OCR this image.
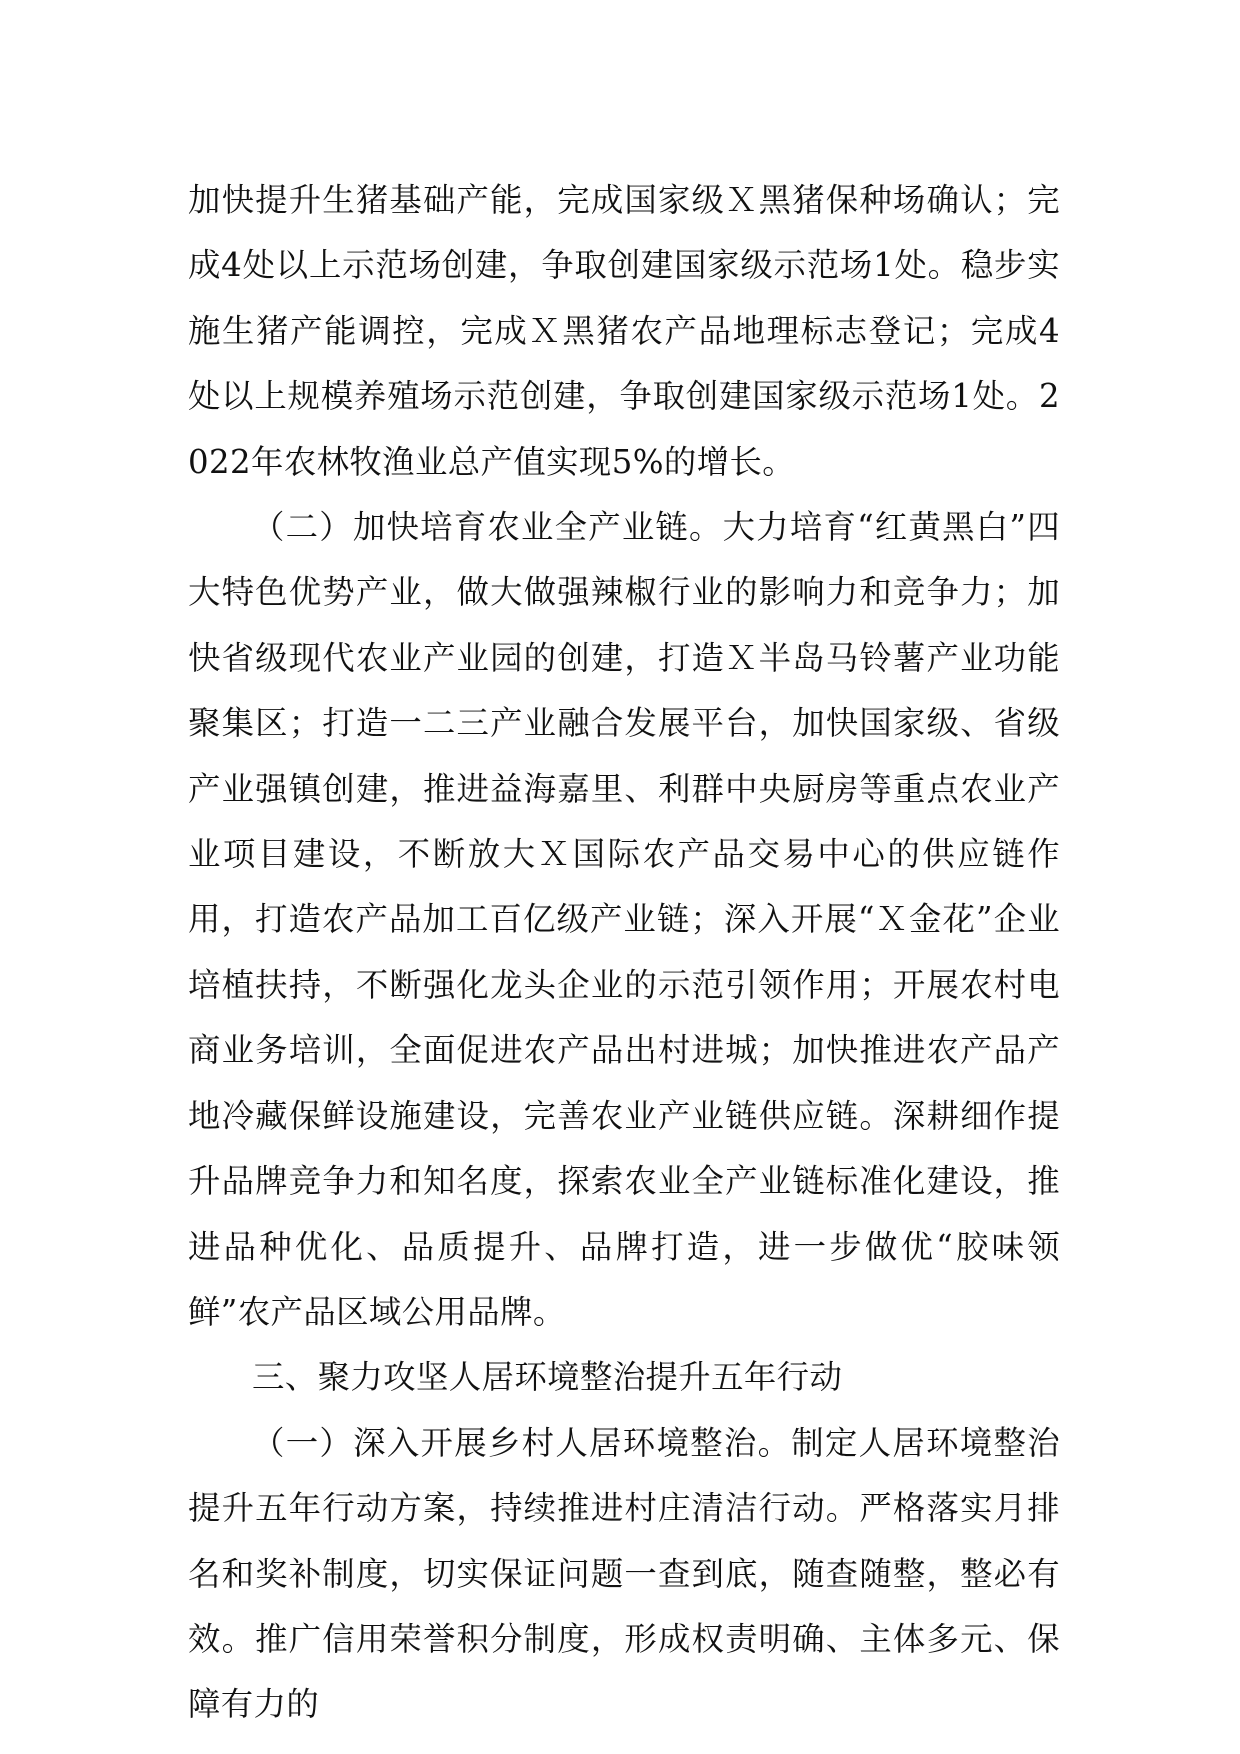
加快提升生猪基础产能，完成国家级Ｘ黑猪保种场确认；完成4处以上示范场创建，争取创建国家级示范场1处。稳步实施生猪产能调控，完成Ｘ黑猪农产品地理标志登记；完成4处以上规模养殖场示范创建，争取创建国家级示范场1处。2022年农林牧渔业总产值实现5%的增长。

（二）加快培育农业全产业链。大力培育“红黄黑白”四大特色优势产业，做大做强辣椒行业的影响力和竞争力；加快省级现代农业产业园的创建，打造Ｘ半岛马铃薯产业功能聚集区；打造一二三产业融合发展平台，加快国家级、省级产业强镇创建，推进益海嘉里、利群中央厨房等重点农业产业项目建设，不断放大Ｘ国际农产品交易中心的供应链作用，打造农产品加工百亿级产业链；深入开展“Ｘ金花”企业培植扶持，不断强化龙头企业的示范引领作用；开展农村电商业务培训，全面促进农产品出村进城；加快推进农产品产地冷藏保鲜设施建设，完善农业产业链供应链。深耕细作提升品牌竞争力和知名度，探索农业全产业链标准化建设，推进品种优化、品质提升、品牌打造，进一步做优“胶味领鲜”农产品区域公用品牌。

三、聚力攻坚人居环境整治提升五年行动

（一）深入开展乡村人居环境整治。制定人居环境整治提升五年行动方案，持续推进村庄清洁行动。严格落实月排名和奖补制度，切实保证问题一查到底，随查随整，整必有效。推广信用荣誉积分制度，形成权责明确、主体多元、保障有力的
